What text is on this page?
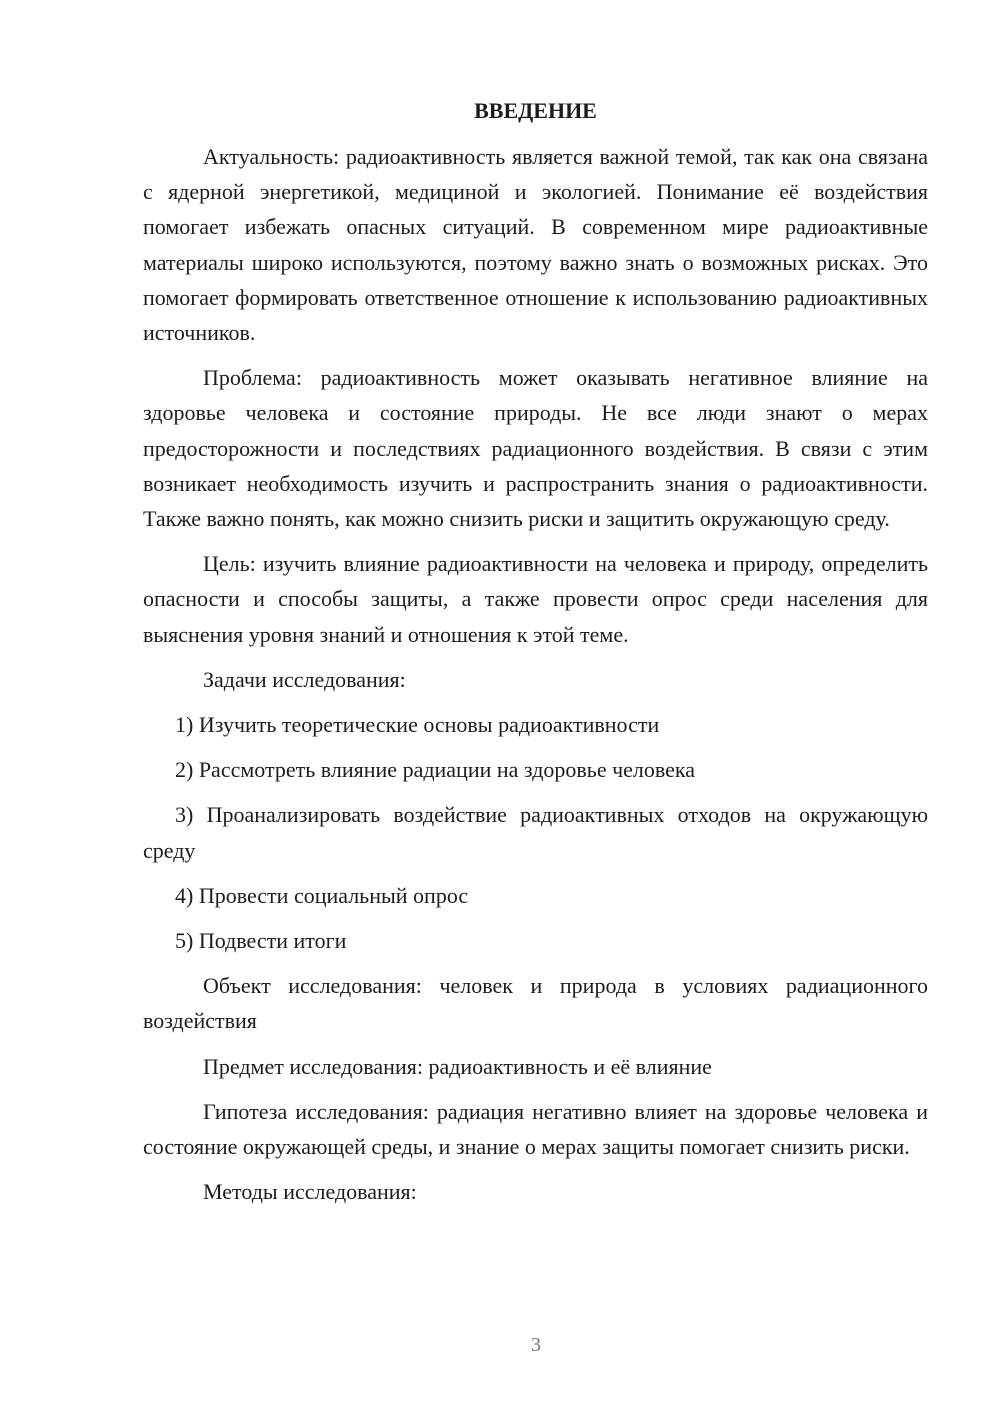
ВВЕДЕНИЕ

Актуальность: радиоактивность является важной темой, так как она связана с ядерной энергетикой, медициной и экологией. Понимание её воздействия помогает избежать опасных ситуаций. В современном мире радиоактивные материалы широко используются, поэтому важно знать о возможных рисках. Это помогает формировать ответственное отношение к использованию радиоактивных источников.

Проблема: радиоактивность может оказывать негативное влияние на здоровье человека и состояние природы. Не все люди знают о мерах предосторожности и последствиях радиационного воздействия. В связи с этим возникает необходимость изучить и распространить знания о радиоактивности. Также важно понять, как можно снизить риски и защитить окружающую среду.

Цель: изучить влияние радиоактивности на человека и природу, определить опасности и способы защиты, а также провести опрос среди населения для выяснения уровня знаний и отношения к этой теме.

Задачи исследования:

1) Изучить теоретические основы радиоактивности

2) Рассмотреть влияние радиации на здоровье человека

3) Проанализировать воздействие радиоактивных отходов на окружающую среду

4) Провести социальный опрос

5) Подвести итоги

Объект исследования: человек и природа в условиях радиационного воздействия

Предмет исследования: радиоактивность и её влияние

Гипотеза исследования: радиация негативно влияет на здоровье человека и состояние окружающей среды, и знание о мерах защиты помогает снизить риски.

Методы исследования:

3
